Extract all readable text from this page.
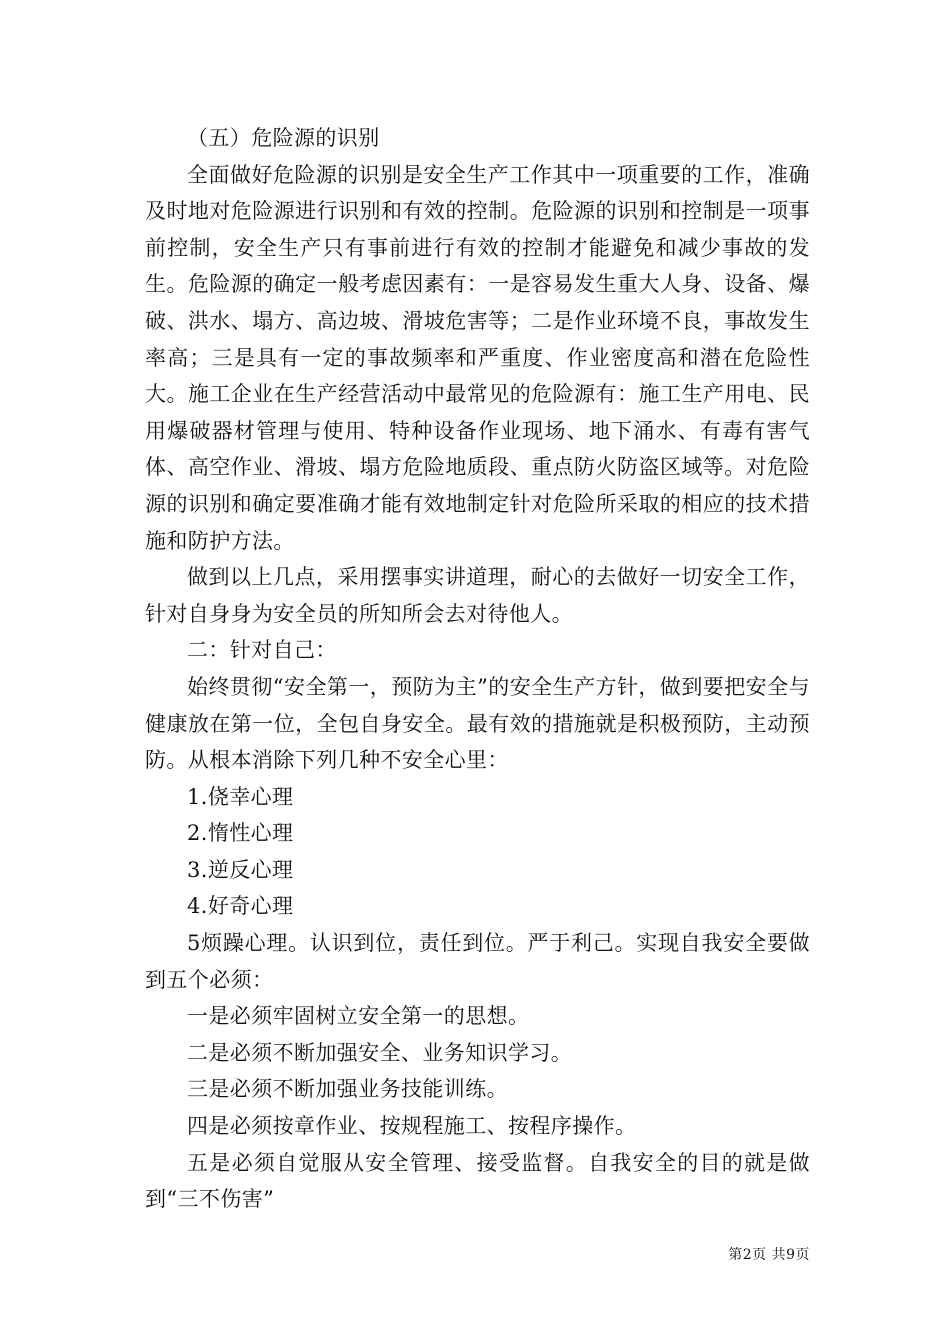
（五）危险源的识别

全面做好危险源的识别是安全生产工作其中一项重要的工作，准确及时地对危险源进行识别和有效的控制。危险源的识别和控制是一项事前控制，安全生产只有事前进行有效的控制才能避免和减少事故的发生。危险源的确定一般考虑因素有：一是容易发生重大人身、设备、爆破、洪水、塌方、高边坡、滑坡危害等；二是作业环境不良，事故发生率高；三是具有一定的事故频率和严重度、作业密度高和潜在危险性大。施工企业在生产经营活动中最常见的危险源有：施工生产用电、民用爆破器材管理与使用、特种设备作业现场、地下涌水、有毒有害气体、高空作业、滑坡、塌方危险地质段、重点防火防盗区域等。对危险源的识别和确定要准确才能有效地制定针对危险所采取的相应的技术措施和防护方法。

做到以上几点，采用摆事实讲道理，耐心的去做好一切安全工作，针对自身身为安全员的所知所会去对待他人。

二：针对自己：

始终贯彻“安全第一，预防为主”的安全生产方针，做到要把安全与健康放在第一位，全包自身安全。最有效的措施就是积极预防，主动预防。从根本消除下列几种不安全心里：

1.侥幸心理

2.惰性心理

3.逆反心理

4.好奇心理

5烦躁心理。认识到位，责任到位。严于利己。实现自我安全要做到五个必须：

一是必须牢固树立安全第一的思想。

二是必须不断加强安全、业务知识学习。

三是必须不断加强业务技能训练。

四是必须按章作业、按规程施工、按程序操作。

五是必须自觉服从安全管理、接受监督。自我安全的目的就是做到“三不伤害”

第2页 共9页
